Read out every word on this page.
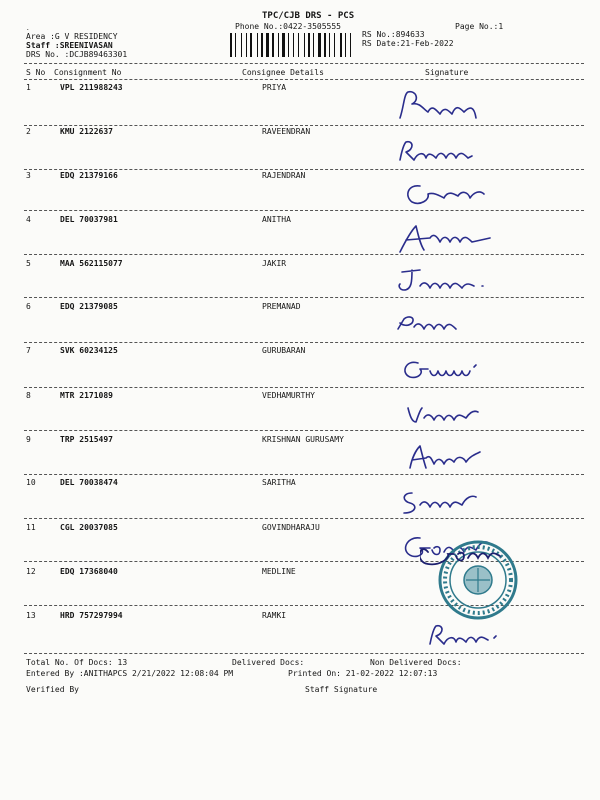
TPC/CJB DRS - PCS
Phone No.:0422-3505555	Page No.:1
.
Area :G V RESIDENCY
Staff :SREENIVASAN
DRS No. :DCJB89463301
RS No.:894633
RS Date:21-Feb-2022
S No Consignment No	Consignee Details	Signature
1	VPL 211988243	PRIYA
2	KMU 2122637	RAVEENDRAN
3	EDQ 21379166	RAJENDRAN
4	DEL 70037981	ANITHA
5	MAA 562115077	JAKIR
6	EDQ 21379085	PREMANAD
7	SVK 60234125	GURUBARAN
8	MTR 2171089	VEDHAMURTHY
9	TRP 2515497	KRISHNAN GURUSAMY
10	DEL 70038474	SARITHA
11	CGL 20037085	GOVINDHARAJU
12	EDQ 17368040	MEDLINE
13	HRD 757297994	RAMKI
Total No. Of Docs: 13	Delivered Docs:	Non Delivered Docs:
Entered By :ANITHAPCS 2/21/2022 12:08:04 PM	Printed On: 21-02-2022 12:07:13
Verified By	Staff Signature
